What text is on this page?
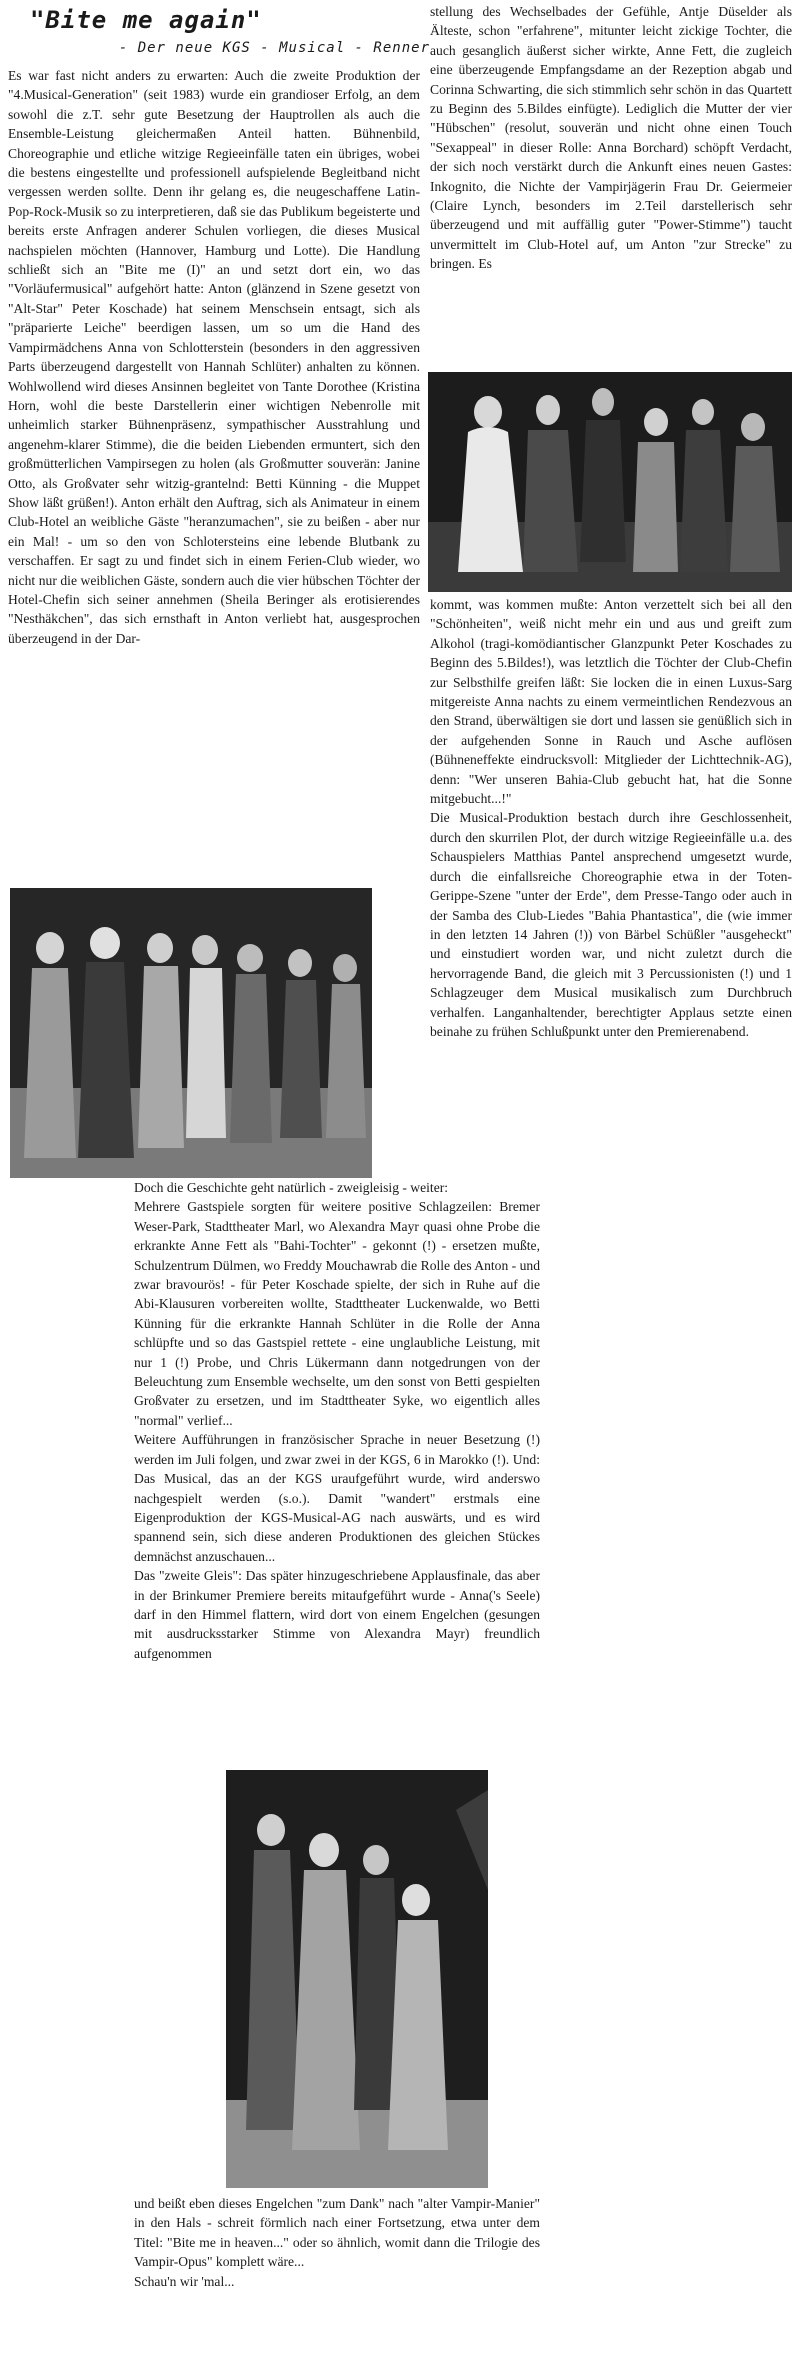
"Bite me again"
- Der neue KGS - Musical - Renner

Es war fast nicht anders zu erwarten: Auch die zweite Produktion der "4.Musical-Generation" (seit 1983) wurde ein grandioser Erfolg, an dem sowohl die z.T. sehr gute Besetzung der Hauptrollen als auch die Ensemble-Leistung gleichermaßen Anteil hatten. Bühnenbild, Choreographie und etliche witzige Regieeinfälle taten ein übriges, wobei die bestens eingestellte und professionell aufspielende Begleitband nicht vergessen werden sollte. Denn ihr gelang es, die neugeschaffene Latin-Pop-Rock-Musik so zu interpretieren, daß sie das Publikum begeisterte und bereits erste Anfragen anderer Schulen vorliegen, die dieses Musical nachspielen möchten (Hannover, Hamburg und Lotte). Die Handlung schließt sich an "Bite me (I)" an und setzt dort ein, wo das "Vorläufermusical" aufgehört hatte: Anton (glänzend in Szene gesetzt von "Alt-Star" Peter Koschade) hat seinem Menschsein entsagt, sich als "präparierte Leiche" beerdigen lassen, um so um die Hand des Vampirmädchens Anna von Schlotterstein (besonders in den aggressiven Parts überzeugend dargestellt von Hannah Schlüter) anhalten zu können. Wohlwollend wird dieses Ansinnen begleitet von Tante Dorothee (Kristina Horn, wohl die beste Darstellerin einer wichtigen Nebenrolle mit unheimlich starker Bühnenpräsenz, sympathischer Ausstrahlung und angenehm-klarer Stimme), die die beiden Liebenden ermuntert, sich den großmütterlichen Vampirsegen zu holen (als Großmutter souverän: Janine Otto, als Großvater sehr witzig-grantelnd: Betti Künning - die Muppet Show läßt grüßen!). Anton erhält den Auftrag, sich als Animateur in einem Club-Hotel an weibliche Gäste "heranzumachen", sie zu beißen - aber nur ein Mal! - um so den von Schlotersteins eine lebende Blutbank zu verschaffen. Er sagt zu und findet sich in einem Ferien-Club wieder, wo nicht nur die weiblichen Gäste, sondern auch die vier hübschen Töchter der Hotel-Chefin sich seiner annehmen (Sheila Beringer als erotisierendes "Nesthäkchen", das sich ernsthaft in Anton verliebt hat, ausgesprochen überzeugend in der Dar-

stellung des Wechselbades der Gefühle, Antje Düselder als Älteste, schon "erfahrene", mitunter leicht zickige Tochter, die auch gesanglich äußerst sicher wirkte, Anne Fett, die zugleich eine überzeugende Empfangsdame an der Rezeption abgab und Corinna Schwarting, die sich stimmlich sehr schön in das Quartett zu Beginn des 5.Bildes einfügte). Lediglich die Mutter der vier "Hübschen" (resolut, souverän und nicht ohne einen Touch "Sexappeal" in dieser Rolle: Anna Borchard) schöpft Verdacht, der sich noch verstärkt durch die Ankunft eines neuen Gastes: Inkognito, die Nichte der Vampirjägerin Frau Dr. Geiermeier (Claire Lynch, besonders im 2.Teil darstellerisch sehr überzeugend und mit auffällig guter "Power-Stimme") taucht unvermittelt im Club-Hotel auf, um Anton "zur Strecke" zu bringen. Es

kommt, was kommen mußte: Anton verzettelt sich bei all den "Schönheiten", weiß nicht mehr ein und aus und greift zum Alkohol (tragi-komödiantischer Glanzpunkt Peter Koschades zu Beginn des 5.Bildes!), was letztlich die Töchter der Club-Chefin zur Selbsthilfe greifen läßt: Sie locken die in einen Luxus-Sarg mitgereiste Anna nachts zu einem vermeintlichen Rendezvous an den Strand, überwältigen sie dort und lassen sie genüßlich sich in der aufgehenden Sonne in Rauch und Asche auflösen (Bühneneffekte eindrucksvoll: Mitglieder der Lichttechnik-AG), denn: "Wer unseren Bahia-Club gebucht hat, hat die Sonne mitgebucht...!"

Die Musical-Produktion bestach durch ihre Geschlossenheit, durch den skurrilen Plot, der durch witzige Regieeinfälle u.a. des Schauspielers Matthias Pantel ansprechend umgesetzt wurde, durch die einfallsreiche Choreographie etwa in der Toten-Gerippe-Szene "unter der Erde", dem Presse-Tango oder auch in der Samba des Club-Liedes "Bahia Phantastica", die (wie immer in den letzten 14 Jahren (!)) von Bärbel Schüßler "ausgeheckt" und einstudiert worden war, und nicht zuletzt durch die hervorragende Band, die gleich mit 3 Percussionisten (!) und 1 Schlagzeuger dem Musical musikalisch zum Durchbruch verhalfen. Langanhaltender, berechtigter Applaus setzte einen beinahe zu frühen Schlußpunkt unter den Premierenabend.

Doch die Geschichte geht natürlich - zweigleisig - weiter:

Mehrere Gastspiele sorgten für weitere positive Schlagzeilen: Bremer Weser-Park, Stadttheater Marl, wo Alexandra Mayr quasi ohne Probe die erkrankte Anne Fett als "Bahi-Tochter" - gekonnt (!) - ersetzen mußte, Schulzentrum Dülmen, wo Freddy Mouchawrab die Rolle des Anton - und zwar bravourös! - für Peter Koschade spielte, der sich in Ruhe auf die Abi-Klausuren vorbereiten wollte, Stadttheater Luckenwalde, wo Betti Künning für die erkrankte Hannah Schlüter in die Rolle der Anna schlüpfte und so das Gastspiel rettete - eine unglaubliche Leistung, mit nur 1 (!) Probe, und Chris Lükermann dann notgedrungen von der Beleuchtung zum Ensemble wechselte, um den sonst von Betti gespielten Großvater zu ersetzen, und im Stadttheater Syke, wo eigentlich alles "normal" verlief...

Weitere Aufführungen in französischer Sprache in neuer Besetzung (!) werden im Juli folgen, und zwar zwei in der KGS, 6 in Marokko (!). Und: Das Musical, das an der KGS uraufgeführt wurde, wird anderswo nachgespielt werden (s.o.). Damit "wandert" erstmals eine Eigenproduktion der KGS-Musical-AG nach auswärts, und es wird spannend sein, sich diese anderen Produktionen des gleichen Stückes demnächst anzuschauen...

Das "zweite Gleis": Das später hinzugeschriebene Applausfinale, das aber in der Brinkumer Premiere bereits mitaufgeführt wurde - Anna('s Seele) darf in den Himmel flattern, wird dort von einem Engelchen (gesungen mit ausdrucksstarker Stimme von Alexandra Mayr) freundlich aufgenommen

und beißt eben dieses Engelchen "zum Dank" nach "alter Vampir-Manier" in den Hals - schreit förmlich nach einer Fortsetzung, etwa unter dem Titel: "Bite me in heaven..." oder so ähnlich, womit dann die Trilogie des Vampir-Opus" komplett wäre...

Schau'n wir 'mal...
